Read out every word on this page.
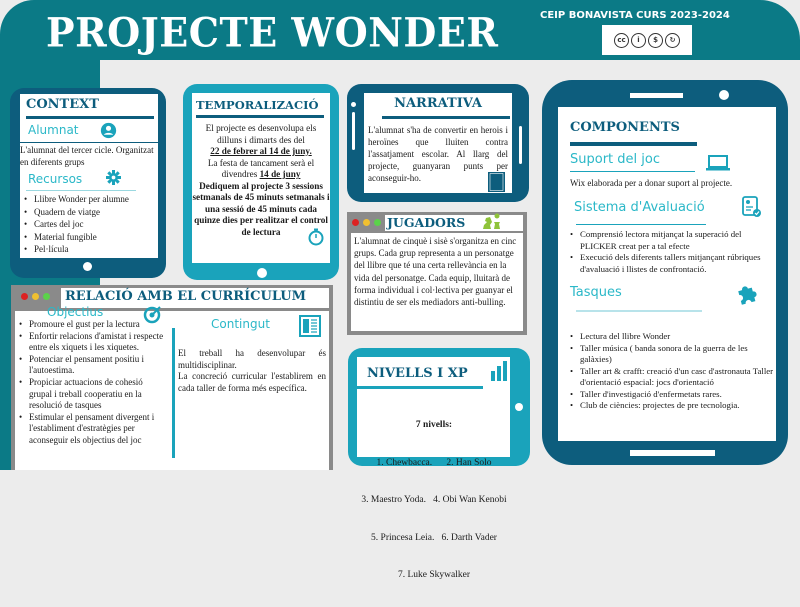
PROJECTE WONDER	CEIP BONAVISTA CURS 2023-2024
cc	i	$	↻
CONTEXT
Alumnat
L'alumnat del tercer cicle. Organitzat en diferents grups
Recursos
• Llibre Wonder per alumne
• Quadern de viatge
• Cartes del joc
• Material fungible
• Pel·lícula
TEMPORALIZACIÓ
El projecte es desenvolupa els dilluns i dimarts des del
22 de febrer al 14 de juny.
La festa de tancament serà el divendres 14 de juny
Dediquem al projecte 3 sessions setmanals de 45 minuts setmanals i una sessió de 45 minuts cada quinze dies per realitzar el control de lectura
NARRATIVA
L'alumnat s'ha de convertir en herois i heroïnes que lluiten contra l'assatjament escolar. Al llarg del projecte, guanyaran punts per aconseguir-ho.
JUGADORS
L'alumnat de cinquè i sisè s'organitza en cinc grups. Cada grup representa a un personatge del llibre que té una certa rellevància en la vida del personatge. Cada equip, lluitarà de forma individual i col·lectiva per guanyar el distintiu de ser els mediadors anti-bulling.
NIVELLS I XP

7 nivells:

1. Chewbacca.      2. Han Solo

3. Maestro Yoda.   4. Obi Wan Kenobi

5. Princesa Leia.   6. Darth Vader

7. Luke Skywalker

RELACIÓ AMB EL CURRÍCULUM
Objectius
• Promoure el gust per la lectura
• Enfortir relacions d'amistat i respecte entre els xiquets i les xiquetes.
• Potenciar el pensament positiu i l'autoestima.
• Propiciar actuacions de cohesió grupal i treball cooperatiu en la resolució de tasques
• Estimular el pensament divergent i l'establiment d'estratègies per aconseguir els objectius del joc
Contingut
El treball ha desenvolupar és multidisciplinar.
La concreció curricular l'establirem en cada taller de forma més específica.
COMPONENTS
Suport del joc
Wix elaborada per a donar suport al projecte.
Sistema d'Avaluació
• Comprensió lectora mitjançat la superació del PLICKER creat per a tal efecte
• Execució dels diferents tallers mitjançant rúbriques d'avaluació i llistes de confrontació.
Tasques
• Lectura del llibre Wonder
• Taller música ( banda sonora de la guerra de les galàxies)
• Taller art & crafft: creació d'un casc d'astronauta Taller d'orientació espacial: jocs d'orientació
• Taller d'investigació d'enfermetats rares.
• Club de ciències: projectes de pre tecnologia.
